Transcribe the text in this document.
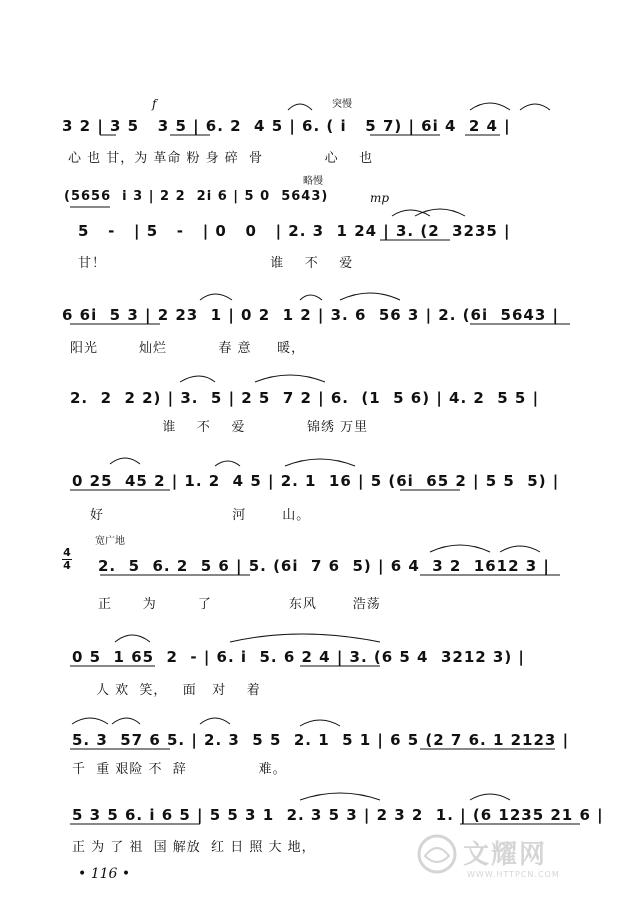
突慢
f
略慢
mp
宽广地
4
4
3 2 | 3 5   3 5 | 6. 2  4 5 | 6. ( i   5 7) | 6i 4  2 4 |
心 也 甘，为 革命 粉 身 碎  骨            心    也
(5656  i 3 | 2 2  2i 6 | 5 0  5643)
5   -   | 5   -   | 0   0   | 2. 3  1 24 | 3. (2  3235 |
甘！                                谁    不    爱
6 6i  5 3 | 2 23  1 | 0 2  1 2 | 3. 6  56 3 | 2. (6i  5643 |
阳光        灿烂          春 意     暖，
2.  2  2 2) | 3.  5 | 2 5  7 2 | 6.  (1  5 6) | 4. 2  5 5 |
谁    不    爱            锦绣 万里
0 25  45 2 | 1. 2  4 5 | 2. 1  16 | 5 (6i  65 2 | 5 5  5) |
好                         河       山。
2.  5  6. 2  5 6 | 5. (6i  7 6  5) | 6 4  3 2  1612 3 |
正      为        了               东风       浩荡
0 5  1 65  2  - | 6. i  5. 6 2 4 | 3. (6 5 4  3212 3) |
人 欢  笑，   面   对    着
5. 3  57 6 5. | 2. 3  5 5  2. 1  5 1 | 6 5 (2 7 6. 1 2123 |
千  重 艰险 不  辞              难。
5 3 5 6. i 6 5 | 5 5 3 1  2. 3 5 3 | 2 3 2  1. | (6 1235 21 6 |
正 为 了 祖  国 解放  红 日 照 大 地，
• 116 •
文耀网
WWW.HTTPCN.COM
